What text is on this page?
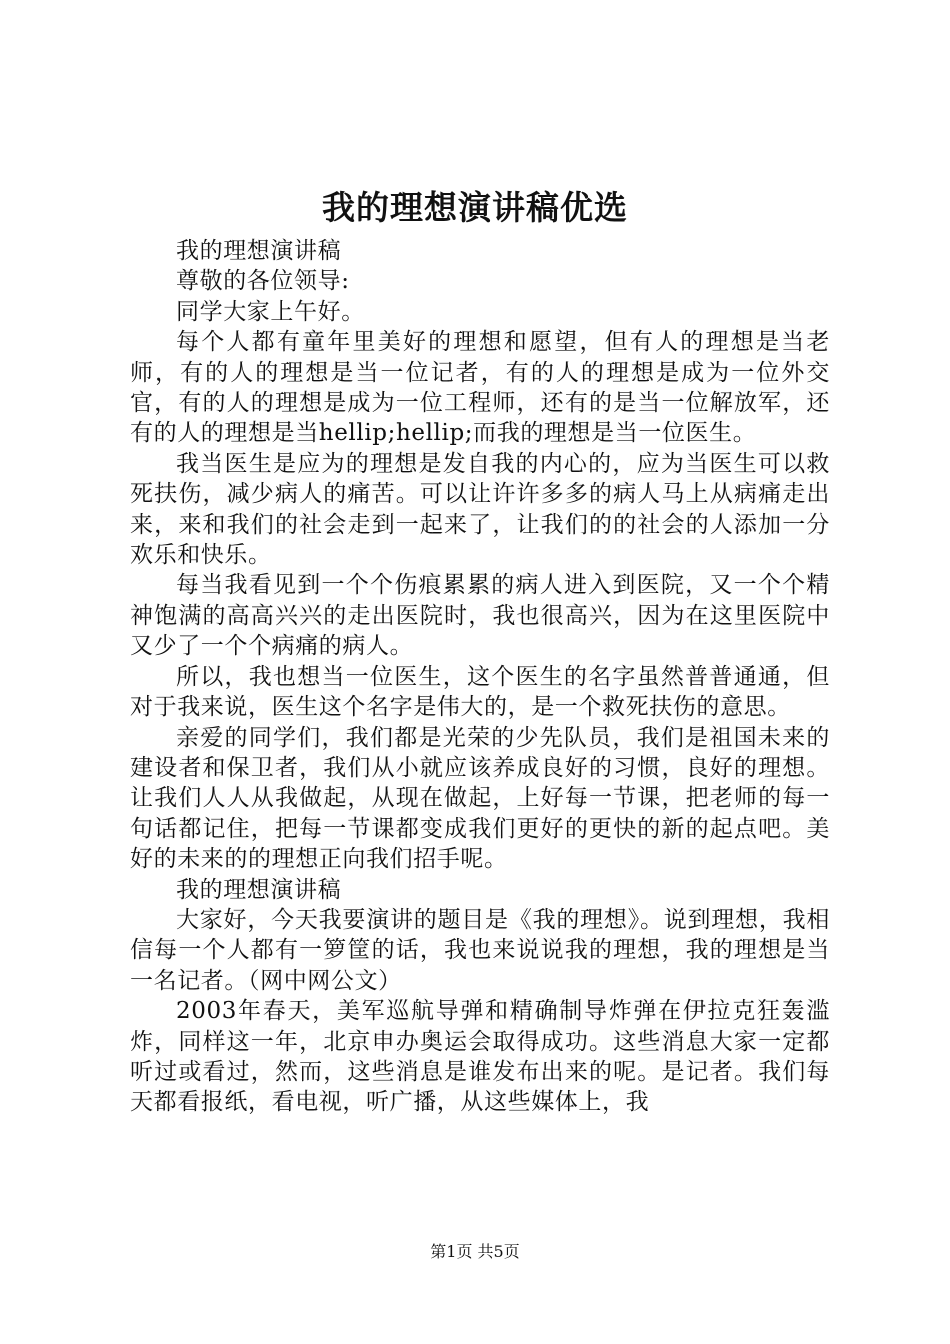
我的理想演讲稿优选

我的理想演讲稿

尊敬的各位领导:

同学大家上午好。

每个人都有童年里美好的理想和愿望，但有人的理想是当老师，有的人的理想是当一位记者，有的人的理想是成为一位外交官，有的人的理想是成为一位工程师，还有的是当一位解放军，还有的人的理想是当hellip;hellip;而我的理想是当一位医生。

我当医生是应为的理想是发自我的内心的，应为当医生可以救死扶伤，减少病人的痛苦。可以让许许多多的病人马上从病痛走出来，来和我们的社会走到一起来了，让我们的的社会的人添加一分欢乐和快乐。

每当我看见到一个个伤痕累累的病人进入到医院，又一个个精神饱满的高高兴兴的走出医院时，我也很高兴，因为在这里医院中又少了一个个病痛的病人。

所以，我也想当一位医生，这个医生的名字虽然普普通通，但对于我来说，医生这个名字是伟大的，是一个救死扶伤的意思。

亲爱的同学们，我们都是光荣的少先队员，我们是祖国未来的建设者和保卫者，我们从小就应该养成良好的习惯，良好的理想。让我们人人从我做起，从现在做起，上好每一节课，把老师的每一句话都记住，把每一节课都变成我们更好的更快的新的起点吧。美好的未来的的理想正向我们招手呢。

我的理想演讲稿

大家好，今天我要演讲的题目是《我的理想》。说到理想，我相信每一个人都有一箩筐的话，我也来说说我的理想，我的理想是当一名记者。（网中网公文）

2003年春天，美军巡航导弹和精确制导炸弹在伊拉克狂轰滥炸，同样这一年，北京申办奥运会取得成功。这些消息大家一定都听过或看过，然而，这些消息是谁发布出来的呢。是记者。我们每天都看报纸，看电视，听广播，从这些媒体上，我

第1页 共5页
